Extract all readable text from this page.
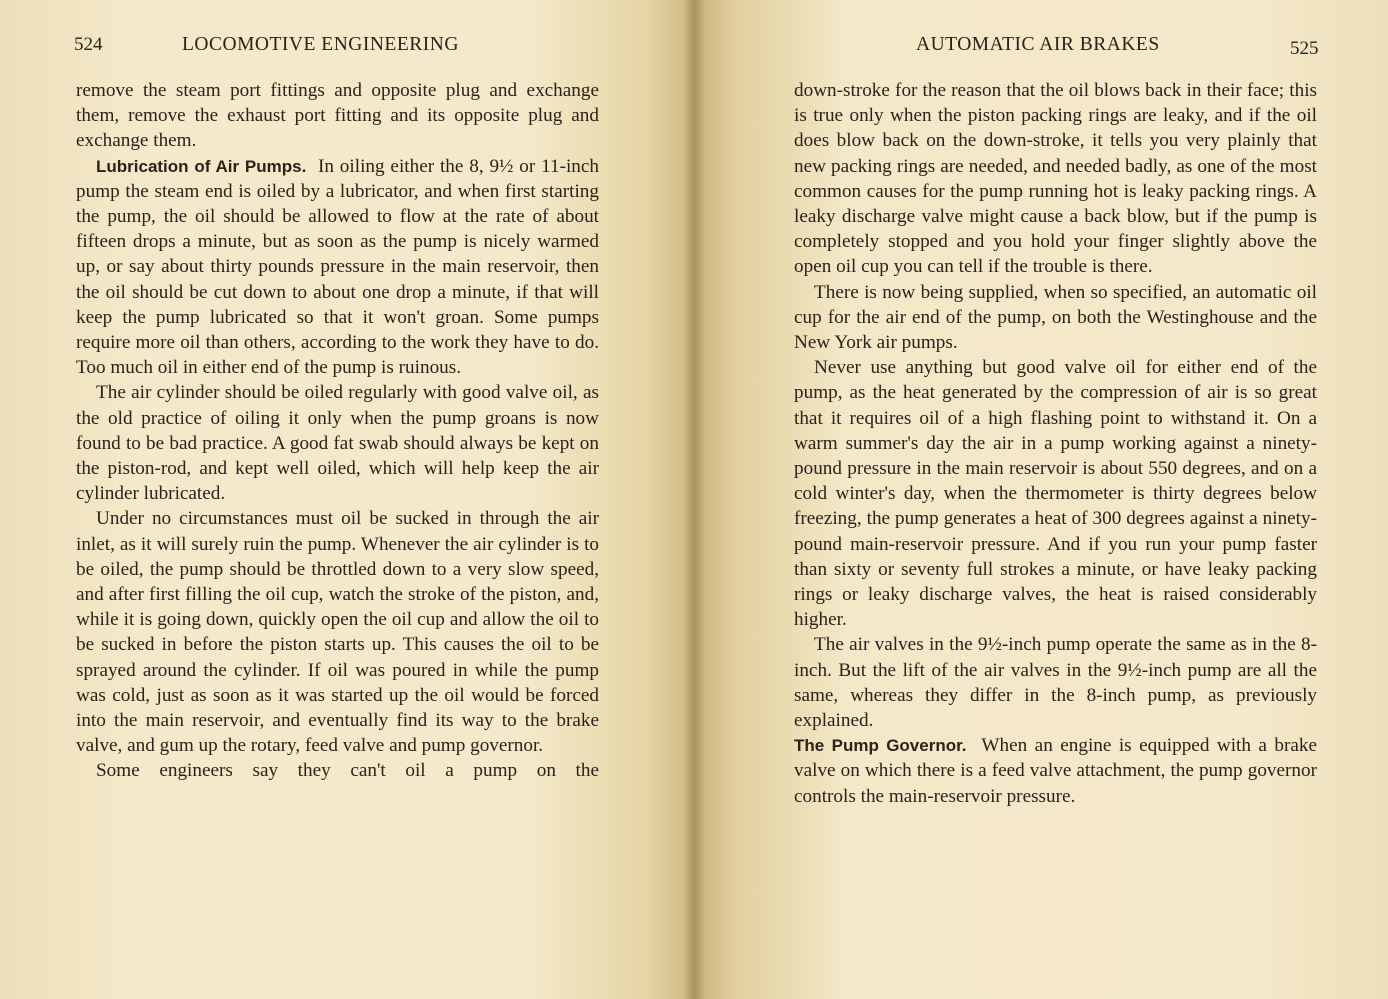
524	LOCOMOTIVE ENGINEERING

remove the steam port fittings and opposite plug and exchange them, remove the exhaust port fitting and its opposite plug and exchange them.

Lubrication of Air Pumps. In oiling either the 8, 9½ or 11-inch pump the steam end is oiled by a lubricator, and when first starting the pump, the oil should be allowed to flow at the rate of about fifteen drops a minute, but as soon as the pump is nicely warmed up, or say about thirty pounds pressure in the main reservoir, then the oil should be cut down to about one drop a minute, if that will keep the pump lubricated so that it won't groan. Some pumps require more oil than others, according to the work they have to do. Too much oil in either end of the pump is ruinous.

The air cylinder should be oiled regularly with good valve oil, as the old practice of oiling it only when the pump groans is now found to be bad practice. A good fat swab should always be kept on the piston-rod, and kept well oiled, which will help keep the air cylinder lubricated.

Under no circumstances must oil be sucked in through the air inlet, as it will surely ruin the pump. Whenever the air cylinder is to be oiled, the pump should be throttled down to a very slow speed, and after first filling the oil cup, watch the stroke of the piston, and, while it is going down, quickly open the oil cup and allow the oil to be sucked in before the piston starts up. This causes the oil to be sprayed around the cylinder. If oil was poured in while the pump was cold, just as soon as it was started up the oil would be forced into the main reservoir, and eventually find its way to the brake valve, and gum up the rotary, feed valve and pump governor.

Some engineers say they can't oil a pump on the

AUTOMATIC AIR BRAKES	525

down-stroke for the reason that the oil blows back in their face; this is true only when the piston packing rings are leaky, and if the oil does blow back on the down-stroke, it tells you very plainly that new packing rings are needed, and needed badly, as one of the most common causes for the pump running hot is leaky packing rings. A leaky discharge valve might cause a back blow, but if the pump is completely stopped and you hold your finger slightly above the open oil cup you can tell if the trouble is there.

There is now being supplied, when so specified, an automatic oil cup for the air end of the pump, on both the Westinghouse and the New York air pumps.

Never use anything but good valve oil for either end of the pump, as the heat generated by the compression of air is so great that it requires oil of a high flashing point to withstand it. On a warm summer's day the air in a pump working against a ninety-pound pressure in the main reservoir is about 550 degrees, and on a cold winter's day, when the thermometer is thirty degrees below freezing, the pump generates a heat of 300 degrees against a ninety-pound main-reservoir pressure. And if you run your pump faster than sixty or seventy full strokes a minute, or have leaky packing rings or leaky discharge valves, the heat is raised considerably higher.

The air valves in the 9½-inch pump operate the same as in the 8-inch. But the lift of the air valves in the 9½-inch pump are all the same, whereas they differ in the 8-inch pump, as previously explained.

The Pump Governor. When an engine is equipped with a brake valve on which there is a feed valve attachment, the pump governor controls the main-reservoir pressure.
